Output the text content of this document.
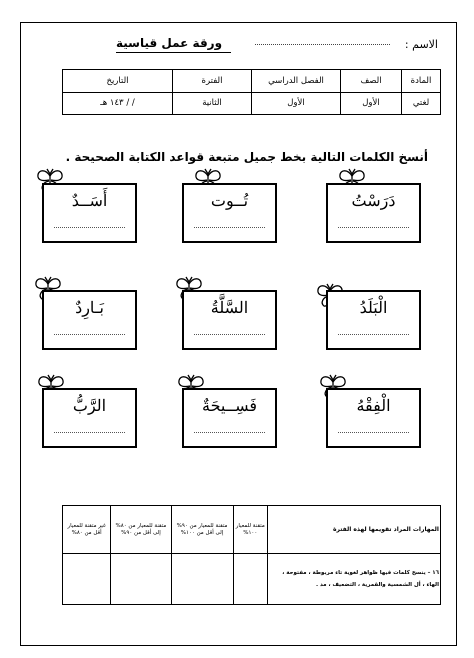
الاسم :
ورقة عمل قياسية
المادة	الصف	الفصل الدراسي	الفترة	التاريخ
لغتي	الأول	الأول	الثانية	/ / ١٤٣ هـ
أنسخ الكلمات التالية بخط جميل متبعة قواعد الكتابة الصحيحة .
أَسَــدٌ	تُــوت	دَرَسْتُ
بَـارِدٌ	السَّلَّةُ	الْبَلَدُ
الرَّبُّ	فَسِــيحَةٌ	الْفِقْهُ
المهارات المراد تقويمها لهذه الفترة	متقنة للمعيار ١٠٠%	متقنة للمعيار من ٩٠% إلى أقل من ١٠٠%	متقنة للمعيار من ٨٠% إلى أقل من ٩٠%	غير متقنة للمعيار أقل من ٨٠%

١٦ – ينسخ كلمات فيها ظواهر لغوية تاء مربوطة ، مفتوحة ،
الهاء ، أل الشمسية والقمرية ، التضعيف ، مد .				
